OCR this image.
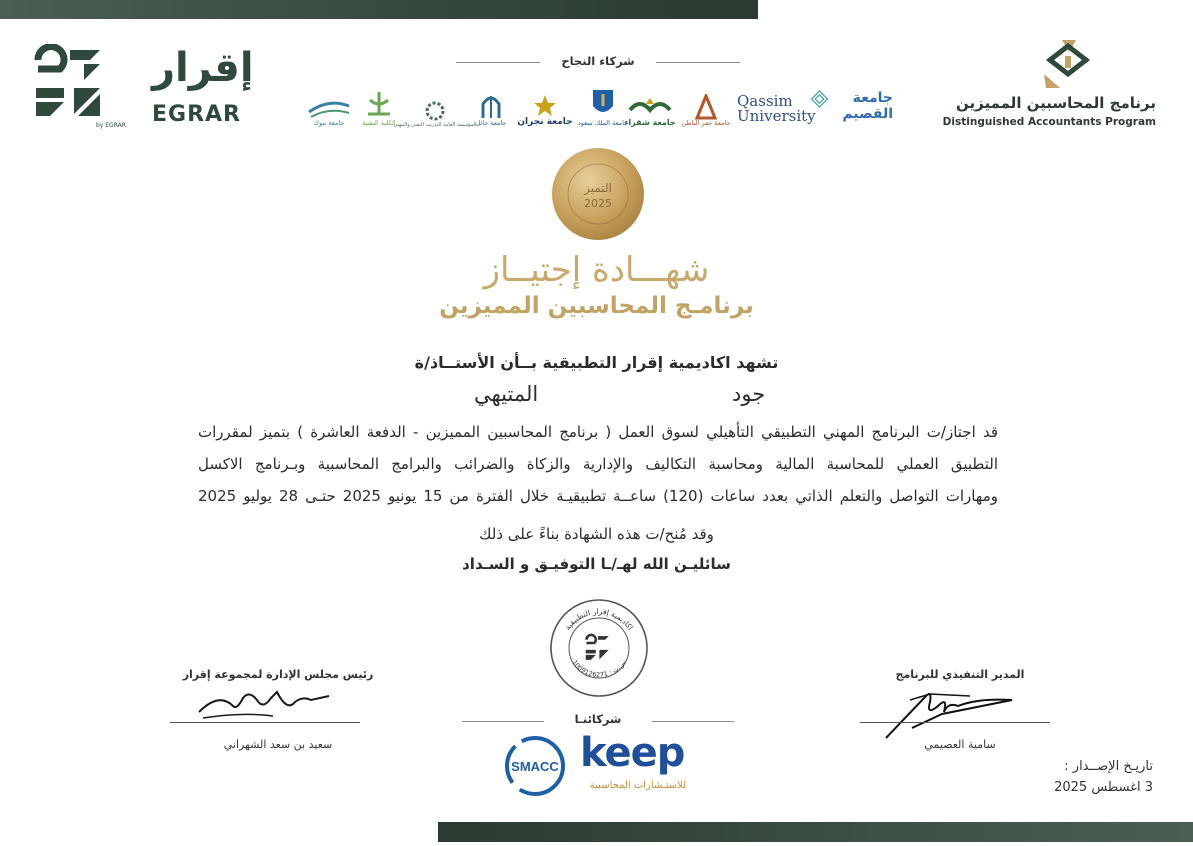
إقرار
EGRAR
by EGRAR
برنامج المحاسبين المميزين
Distinguished Accountants Program
شركاء النجاح
جامعة تبوك	الكلية التقنية
المؤسسة العامة للتدريب التقني والمهني
جامعة حائل جامعة نجران جامعة الملك سعود
جامعة شقراء جامعة حفر الباطن
Qassim University
جامعة القصيم
التميز
2025
شهـــادة إجتيــاز
برنامـج المحاسبين المميزين
تشهد اكاديمية إقرار التطبيقية بــأن الأستــاذ/ة
جود
المتيهي
قد اجتاز/ت البرنامج المهني التطبيقي التأهيلي لسوق العمل ( برنامج المحاسبين المميزين - الدفعة العاشرة ) بتميز لمقررات
التطبيق العملي للمحاسبة المالية ومحاسبة التكاليف والإدارية والزكاة والضرائب والبرامج المحاسبية وبـرنامج الاكسل
ومهارات التواصل والتعلم الذاتي بعدد ساعات (120) ساعــة تطبيقيـة خلال الفترة من 15 يونيو 2025 حتـى 28 يوليو 2025
وقد مُنح/ت هذه الشهادة بناءً على ذلك
سائليـن الله لهـ/ـا التوفيـق و السـداد
اكاديمية إقرار التطبيقية
س.ت : 1009126271
رئيس مجلس الإدارة لمجموعة إقرار
سعيد بن سعد الشهراني
المدير التنفيذي للبرنامج
سامية العصيمي
شركائنـا
SMACC keep
للاستـشارات المحاسبية
تاريـخ الإصــدار :
3 اغسطس 2025
